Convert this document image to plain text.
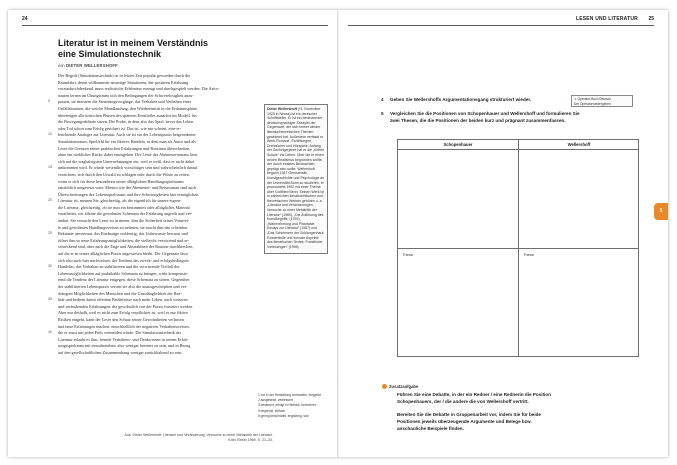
24	LESEN UND LITERATUR 25
Literatur ist in meinem Verständnis
eine Simulationstechnik
von DIETER WELLERSHOFF
5
10
15
20
25
30
35
40
Der Begriff (Simulationstechnik) ist in letzter Zeit populär geworden durch die
Raumfahrt, deren willkommen neuartige Situationen, der positiven Erfahrung
vorausdurchdenkend, muss realistische Erlebnisse erzeugt und durchgespielt werden. Die Astro-
nauten lernen im Übungsraum sich den Bedingungen der Schwerelosigkeit anzu-
passen, sie meistern die Steuerungsvorgänge, das Verhalten und Verhalten einer
Unfallsituation, die weiche Mondlandung, den Wiedereintritt in die Erdatmosphäre,
überzeugen alle kritischen Phasen des späteren Ernstfalles zunächst im Modell, bis
die Bewegungsabläufe sitzen. Die Probe, in dem also das Spiel, bevor das Leben
oder Tod schon zum Erfolg gesichert ist. Das ist, wie mir scheint, eine er-
leuchtende Analogie zur Literatur. Auch sie ist ein der Lebenspraxis beigeordneter
Simulationsraum, Spielfeld für ein fiktives Handeln, in dem man als Autor und als
Leser die Grenzen seiner praktischen Erfahrungen und Routinen überschreiten,
ohne ein wirkliches Risiko dabei einzugehen. Der Leser des Abenteuerromans lässt
sich auf die waghalsigsten Unternehmungen ein, weil er weiß, dass er nicht dabei
umkommen wird. Er würde wesentlich vorsichtiger sein und wahrscheinlich darauf
verzichten, sich durch den Urwald zu schlagen oder durch die Wüste zu reiten,
wenn er sich für diese besonderen seiner alltäglichen Handlungsspielraums
tatsächlich ausgesetzt wäre. Ebenso wie der Abenteuer- und Reiseroman sind auch
Überschreitungen des Lebensspielraums und ihre Schwierigkeiten hier ermöglichen.
Literatur ist, meinen Sie, gleichzeitig, als die eigentlich für unsere eigene
die Literatur, gleichzeitig, ob sie nun ein bestimmtes oder alltägliches Material
verarbeitet, wir alleine die gewohnten Schemata der Erfahrung angreift und ver-
ändert. Sie versucht den Leser zu irritieren, ihm die Sicherheit seiner Vorurtei-
le und gewohnten Handlungsweisen zu nehmen, sie macht ihm das scheinbar
Bekannte unvertraut, das Eindeutige vieldeutig, das Unbewusste bewusst und
öffnet ihm so neue Erfahrungsmöglichkeiten, die vielleicht verwirrend und er-
schreckend sind, aber auch die Enge und Abstraktheit der Routine durchbrechen,
auf die er in seiner alltäglichen Praxis angewiesen bleibt. Der Gegensatz lässt
sich also auch hier nachweisen: der Tendenz des zweck- und erfolgsbedingten
Handelns, das Verhalten zu stabilisieren und die verwirrende Vielfalt der
Lebensmöglichkeiten auf praktikable Schemata zu bringen, wirkt kompensie-
rend die Tendenz der Literatur entgegen, diese Schemata zu stören. Gegenüber
der stabilisierten Lebenspraxis vertritt sie also die unausgeschöpften und ver-
drängten Möglichkeiten des Menschen und die Unzulänglichkeit der Rea-
lität und bedient damit offenbar Bedürfnisse nach mehr Leben, nach weiteren
und verändernden Erfahrungen, die gewöhnlich von der Praxis frustriert werden.
Aber nur deshalb, weil es nicht zum Erfolg verpflichtet ist, weil es nur fiktive
Risiken eingeht, kann der Leser den Schutz seiner Gewohnheiten verlassen
und neue Erfahrungen machen, einschließlich der negativen Verhaltensweisen,
die er sonst um jeden Preis vermeiden würde. Die Simulationstechnik der
Literatur erlaubt es ihm, fremde Verhaltens- und Denkweisen in seinen Erfah-
rungsspielraum mit einzubeziehen, also weniger borniert zu sein, und in Bezug
auf den gesellschaftlichen Zusammenhang weniger zurückhaltend zu sein.
Aus: Dieter Wellershoff: Literatur und Veränderung. Versuche zu einer Metakritik der Literatur.
Köln/ Berlin 1969, S. 21–23.
Dieter Wellershoff (*3. November 1925 in Neuss) ist ein deutscher Schriftsteller. Er ist ein bedeutender deutschsprachiger Essayist der Gegenwart, der sich immer wieder literaturtheoretischen Themen gewidmet hat. Außerdem verfasst er Werk-Romane, Erzählungen, Drehbücher und Hörspiele. Anfang der Sechzigerjahre hat er die „Kölner Schule“ ins Leben. Über die er einen neuen Realismus begründen wollte, der durch exaktes Beobachten geprägt sein sollte. Wellershoff begann 1947 Germanistik, Kunstgeschichte und Psychologie an der Universität Bonn zu studieren, er promovierte 1952 mit einer Thema über Gottfried Benn. Seinen Werk ist in zahlreichen literaturkritischen und -theoretischen Werken gehören u. a. „Literatur und Veränderungen. Versuche zu einer Metakritik der Literatur“ (1969), „Die Auflösung des Kunstbegriffs“ (1976), „Wahrnehmung und Phantasie. Essays zur Literatur“ (1987) und „Das Schimmern der Schlangenhaut. Existentielle und formale Aspekte des literarischen Textes. Frankfurter Vorlesungen“ (1996).
1 vor in der Herstellung vorhanden, eingeübt
2 ausgesetzt, verbessert
3 bestimmt, erfolgt in Hinblick, berechnet
4 begrenzt, einfach
5 gering beschränkt, engstirnig, stur
4 Geben Sie Wellershoffs Argumentationsgang strukturiert wieder.
5 Vergleichen Sie die Positionen von Schopenhauer und Wellershoff und formulieren Sie zwei Thesen, die die Positionen der beiden kurz und prägnant zusammenfassen.
➜ Operator-Buch Deutsch
Der Operatorwiedergeben
Schopenhauer	Wellershoff
These	These
1
Zusatzaufgabe
Führen Sie eine Debatte, in der ein Redner / eine Rednerin die Position Schopenhauers, der / die andere die von Wellershoff vertritt.
Bereiten Sie die Debatte in Gruppenarbeit vor, indem Sie für beide Positionen jeweils überzeugende Argumente und Belege bzw. anschauliche Beispiele finden.
